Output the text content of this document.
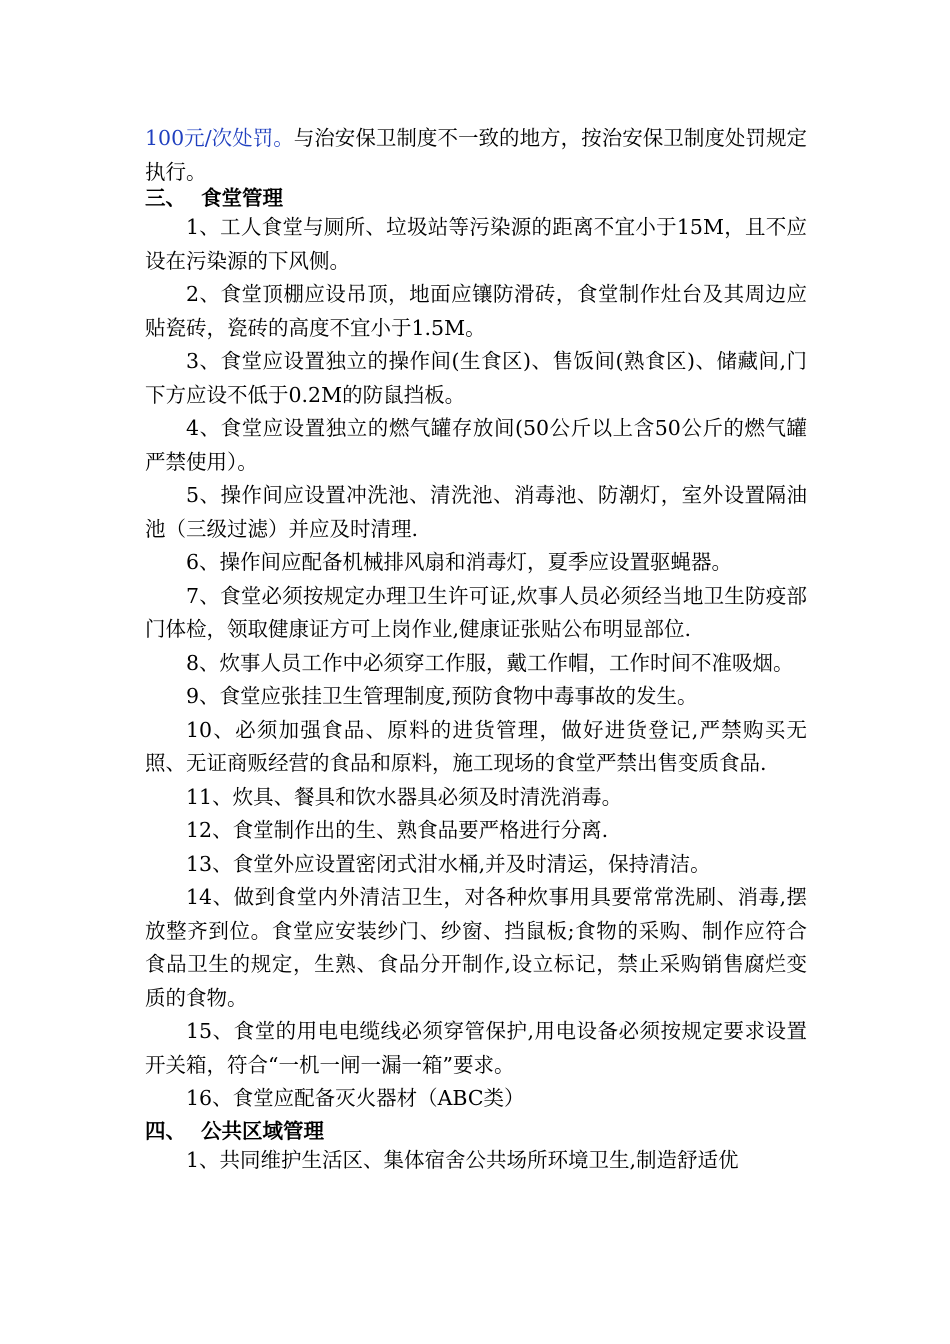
100元/次处罚。与治安保卫制度不一致的地方，按治安保卫制度处罚规定执行。

三、 食堂管理

1、工人食堂与厕所、垃圾站等污染源的距离不宜小于15M，且不应设在污染源的下风侧。

2、食堂顶棚应设吊顶，地面应镶防滑砖，食堂制作灶台及其周边应贴瓷砖，瓷砖的高度不宜小于1.5M。

3、食堂应设置独立的操作间(生食区)、售饭间(熟食区)、储藏间,门下方应设不低于0.2M的防鼠挡板。

4、食堂应设置独立的燃气罐存放间(50公斤以上含50公斤的燃气罐严禁使用）。

5、操作间应设置冲洗池、清洗池、消毒池、防潮灯，室外设置隔油池（三级过滤）并应及时清理.

6、操作间应配备机械排风扇和消毒灯，夏季应设置驱蝇器。

7、食堂必须按规定办理卫生许可证,炊事人员必须经当地卫生防疫部门体检，领取健康证方可上岗作业,健康证张贴公布明显部位.

8、炊事人员工作中必须穿工作服，戴工作帽，工作时间不准吸烟。

9、食堂应张挂卫生管理制度,预防食物中毒事故的发生。

10、必须加强食品、原料的进货管理，做好进货登记,严禁购买无照、无证商贩经营的食品和原料，施工现场的食堂严禁出售变质食品.

11、炊具、餐具和饮水器具必须及时清洗消毒。

12、食堂制作出的生、熟食品要严格进行分离.

13、食堂外应设置密闭式泔水桶,并及时清运，保持清洁。

14、做到食堂内外清洁卫生，对各种炊事用具要常常洗刷、消毒,摆放整齐到位。食堂应安装纱门、纱窗、挡鼠板;食物的采购、制作应符合食品卫生的规定，生熟、食品分开制作,设立标记，禁止采购销售腐烂变质的食物。

15、食堂的用电电缆线必须穿管保护,用电设备必须按规定要求设置开关箱，符合“一机一闸一漏一箱”要求。

16、食堂应配备灭火器材（ABC类）

四、 公共区域管理

1、共同维护生活区、集体宿舍公共场所环境卫生,制造舒适优
